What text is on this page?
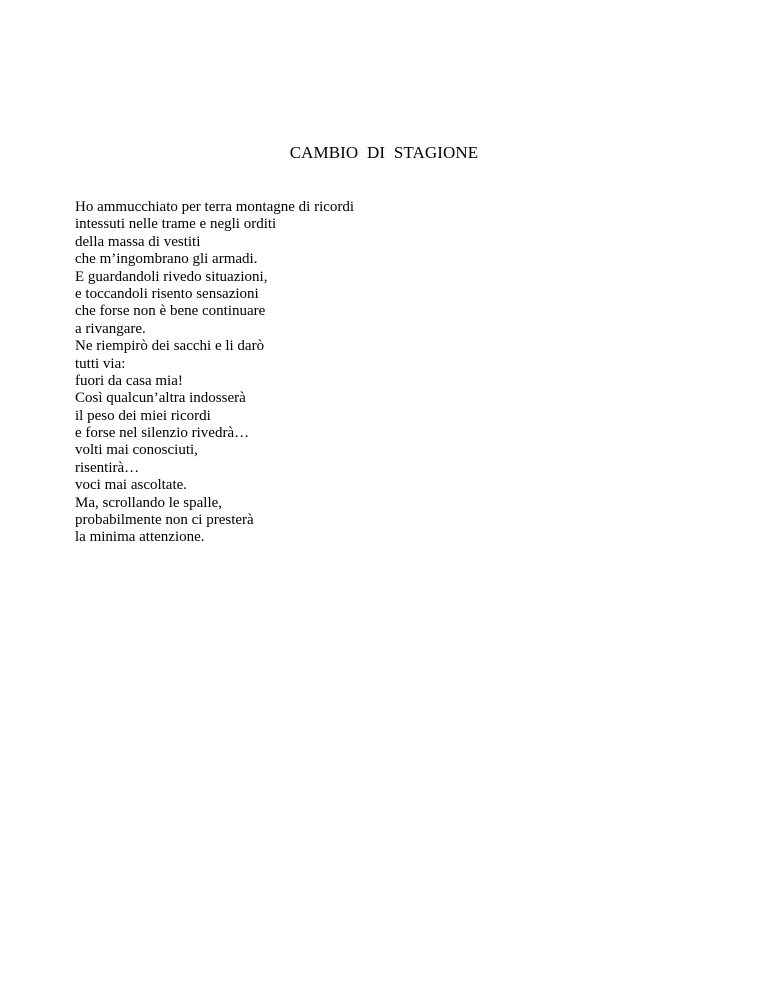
CAMBIO  DI  STAGIONE
Ho ammucchiato per terra montagne di ricordi
intessuti nelle trame e negli orditi
della massa di vestiti
che m’ingombrano gli armadi.
E guardandoli rivedo situazioni,
e toccandoli risento sensazioni
che forse non è bene continuare
a rivangare.
Ne riempirò dei sacchi e li darò
tutti via:
fuori da casa mia!
Così qualcun’altra indosserà
il peso dei miei ricordi
e forse nel silenzio rivedrà…
volti mai conosciuti,
risentirà…
voci mai ascoltate.
Ma, scrollando le spalle,
probabilmente non ci presterà
la minima attenzione.
